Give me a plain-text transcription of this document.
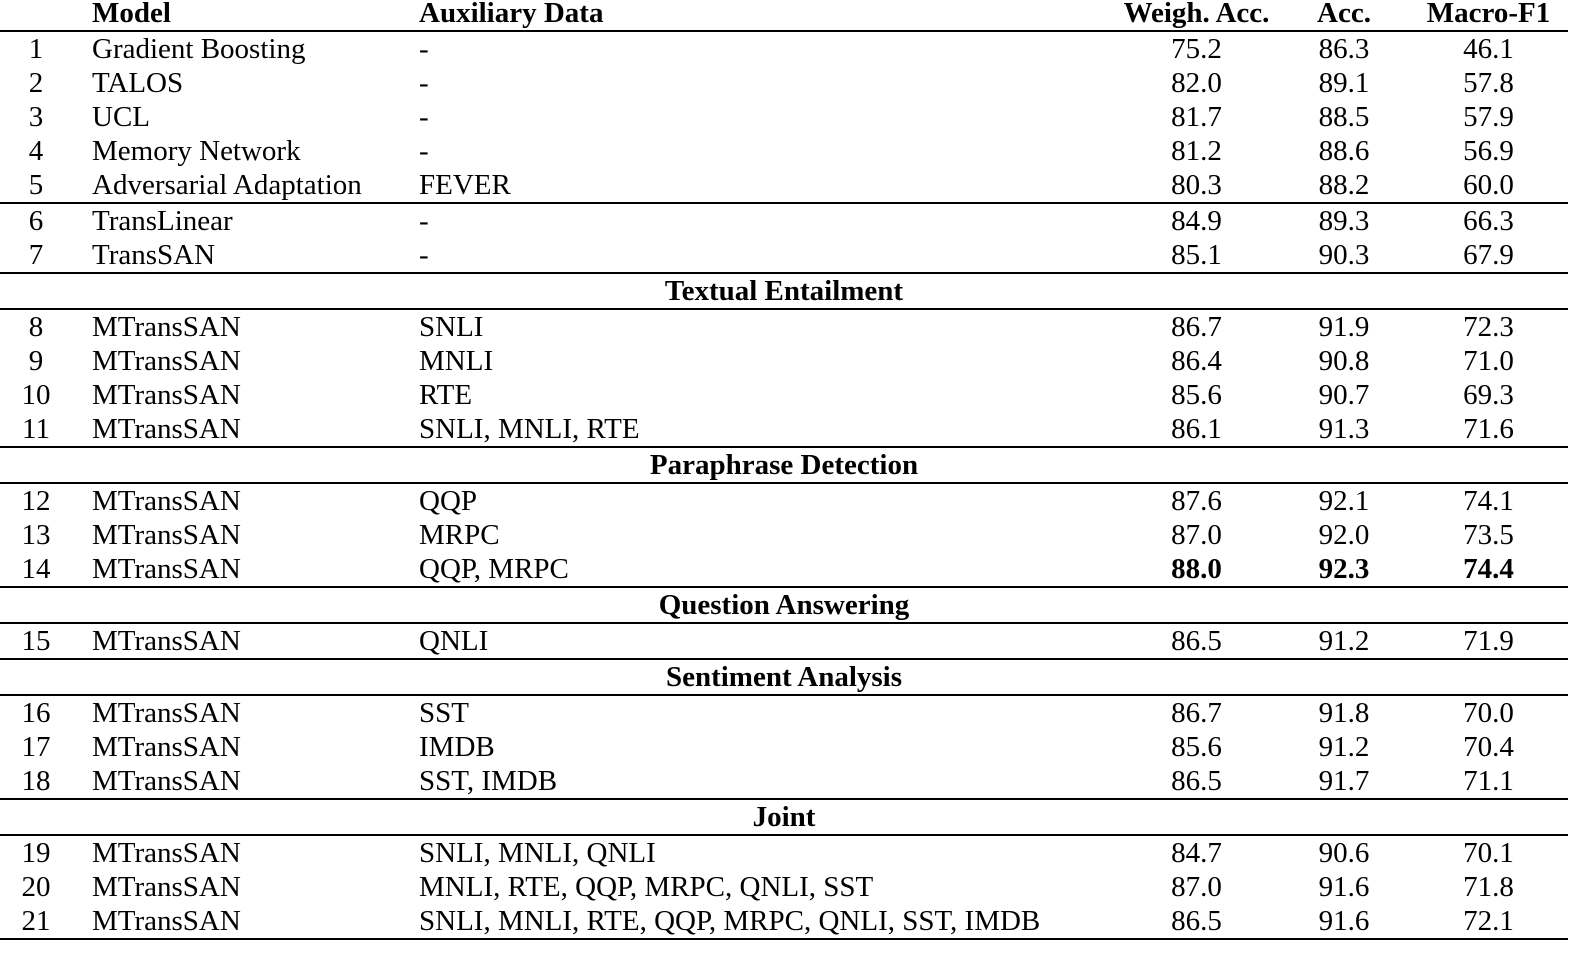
	Model	Auxiliary Data	Weigh. Acc.	Acc.	Macro-F1
1	Gradient Boosting	-	75.2	86.3	46.1
2	TALOS	-	82.0	89.1	57.8
3	UCL	-	81.7	88.5	57.9
4	Memory Network	-	81.2	88.6	56.9
5	Adversarial Adaptation	FEVER	80.3	88.2	60.0
6	TransLinear	-	84.9	89.3	66.3
7	TransSAN	-	85.1	90.3	67.9
Textual Entailment					
8	MTransSAN	SNLI	86.7	91.9	72.3
9	MTransSAN	MNLI	86.4	90.8	71.0
10	MTransSAN	RTE	85.6	90.7	69.3
11	MTransSAN	SNLI, MNLI, RTE	86.1	91.3	71.6
Paraphrase Detection					
12	MTransSAN	QQP	87.6	92.1	74.1
13	MTransSAN	MRPC	87.0	92.0	73.5
14	MTransSAN	QQP, MRPC	88.0	92.3	74.4
Question Answering					
15	MTransSAN	QNLI	86.5	91.2	71.9
Sentiment Analysis					
16	MTransSAN	SST	86.7	91.8	70.0
17	MTransSAN	IMDB	85.6	91.2	70.4
18	MTransSAN	SST, IMDB	86.5	91.7	71.1
Joint					
19	MTransSAN	SNLI, MNLI, QNLI	84.7	90.6	70.1
20	MTransSAN	MNLI, RTE, QQP, MRPC, QNLI, SST	87.0	91.6	71.8
21	MTransSAN	SNLI, MNLI, RTE, QQP, MRPC, QNLI, SST, IMDB	86.5	91.6	72.1
